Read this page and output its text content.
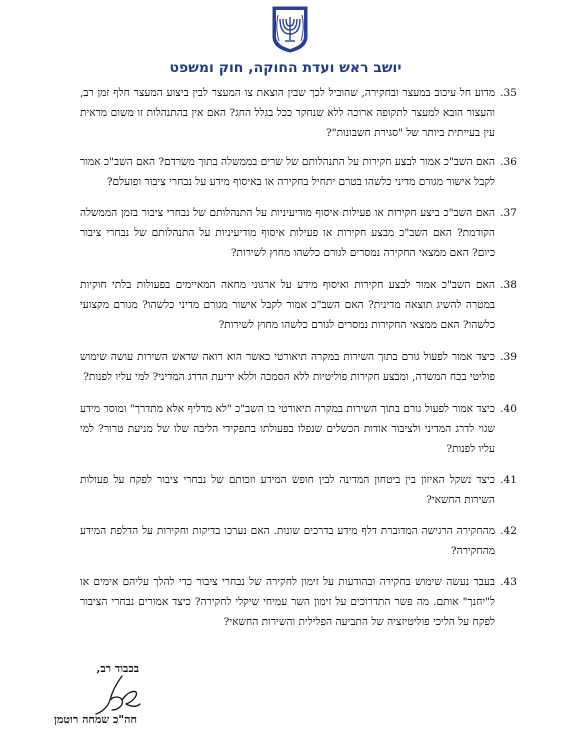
יושב ראש ועדת החוקה, חוק ומשפט
35.
מדוע חל עיכוב במעצר ובחקירה, שהוביל לכך שבין הוצאת צו המעצר לבין ביצוע המעצר חלף זמן רב, והעצור הובא למעצר לתקופה ארוכה ללא שנחקר ככל בגלל החג? האם אין בהתנהלות זו משום מראית עין בעייתית ביותר של "סגירת חשבונות"?
36.
האם השב"כ אמור לבצע חקירות על התנהלותם של שרים בממשלה בתוך משרדם? האם השב"כ אמור לקבל אישור מגורם מדיני כלשהו בטרם יתחיל בחקירה או באיסוף מידע על נבחרי ציבור ופועלם?
37.
האם השב"כ ביצע חקירות או פעילות איסוף מודיעיניות על התנהלותם של נבחרי ציבור בזמן הממשלה הקודמת? האם השב"כ מבצע חקירות או פעילות איסוף מודיעיניות על התנהלותם של נבחרי ציבור כיום? האם ממצאי החקירה נמסרים לגורם כלשהו מחוץ לשירות?
38.
האם השב"כ אמור לבצע חקירות ואיסוף מידע על ארגוני מחאה המאיימים בפעולות בלתי חוקיות במטרה להשיג תוצאה מדינית? האם השב"כ אמור לקבל אישור מגורם מדיני כלשהו? מגורם מקצועי כלשהו? האם ממצאי החקירות נמסרים לגורם כלשהו מחוץ לשירות?
39.
כיצד אמור לפעול גורם בתוך השירות במקרה תיאורטי כאשר הוא רואה שראש השירות עושה שימוש פוליטי בכח המשרה, ומבצע חקירות פוליטיות ללא הסמכה וללא ידיעת הדרג המדיני? למי עליו לפנות?
40.
כיצד אמור לפעול גורם בתוך השירות במקרה תיאורטי בו השב"כ "לא מדליף אלא מתדרך" ומוסר מידע שגוי לדרג המדיני ולציבור אודות הכשלים שנפלו בפעולתו בתפקידי הליבה שלו של מניעת טרור? למי עליו לפנות?
41.
כיצד נשקל האיזון בין ביטחון המדינה לבין חופש המידע וזכותם של נבחרי ציבור לפקח על פעולות השירות החשאי?
42.
מהחקירה הרגישה המדוברת דלף מידע בדרכים שונות. האם נערכו בדיקות וחקירות על הדלפת המידע מהחקירה?
43.
בעבר נעשה שימוש בחקירה ובהודעות על זימון לחקירה של נבחרי ציבור כדי להלך עליהם אימים או ל"יחנך" אותם. מה פשר התדרוכים על זימון השר עמיחי שיקלי לחקירה? כיצד אמורים נבחרי הציבור לפקח על הליכי פוליטיזציה של התביעה הפלילית והשירות החשאי?
בכבוד רב,
חה"כ שמחה רוטמן
